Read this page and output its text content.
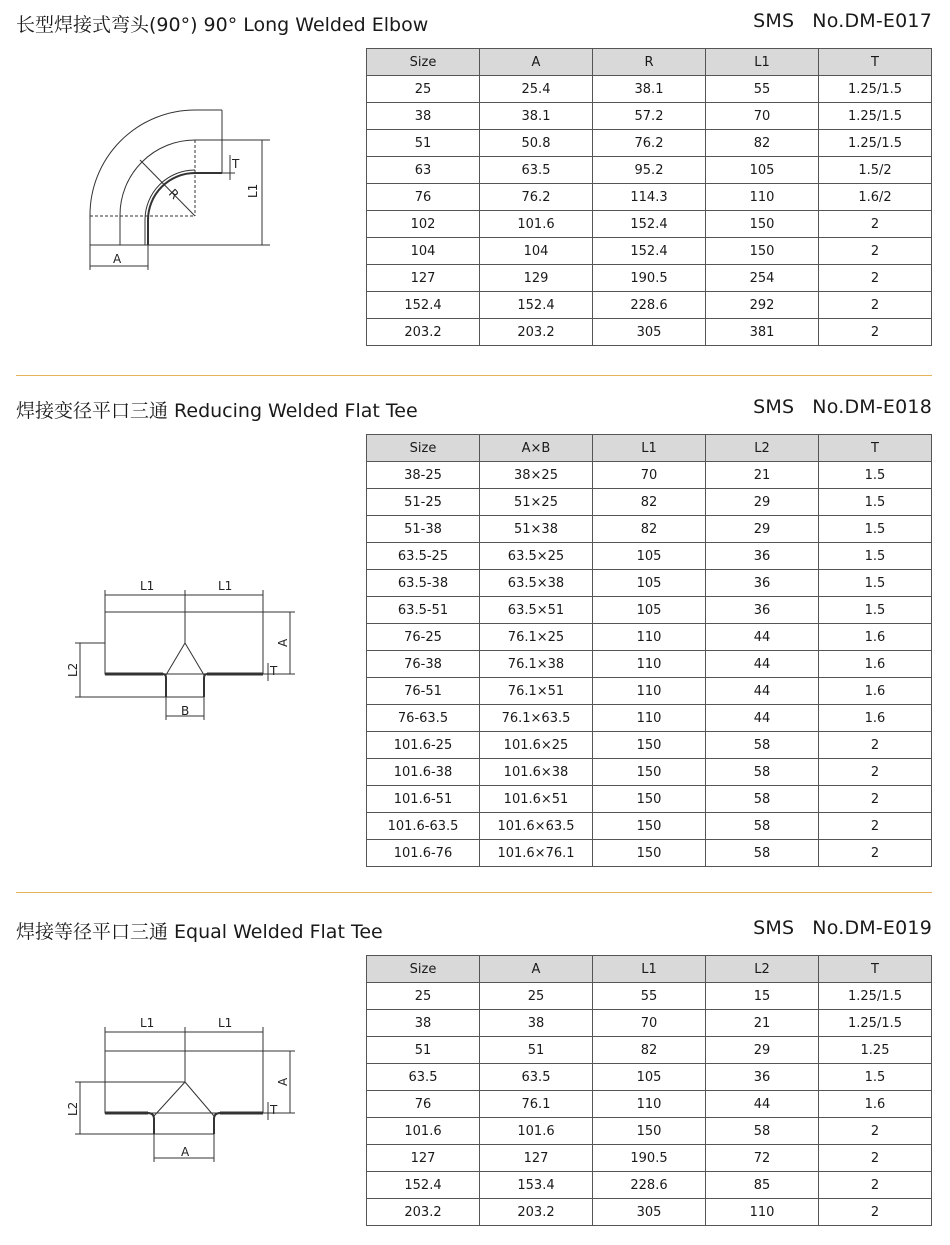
长型焊接式弯头(90°) 90° Long Welded Elbow	SMS No.DM-E017
T
R	L1
A
Size	A	R	L1	T
25	25.4	38.1	55	1.25/1.5
38	38.1	57.2	70	1.25/1.5
51	50.8	76.2	82	1.25/1.5
63	63.5	95.2	105	1.5/2
76	76.2	114.3	110	1.6/2
102	101.6	152.4	150	2
104	104	152.4	150	2
127	129	190.5	254	2
152.4	152.4	228.6	292	2
203.2	203.2	305	381	2
焊接变径平口三通 Reducing Welded Flat Tee	SMS No.DM-E018
L1	L1
A
L2	T
B
Size	A×B	L1	L2	T
38-25	38×25	70	21	1.5
51-25	51×25	82	29	1.5
51-38	51×38	82	29	1.5
63.5-25	63.5×25	105	36	1.5
63.5-38	63.5×38	105	36	1.5
63.5-51	63.5×51	105	36	1.5
76-25	76.1×25	110	44	1.6
76-38	76.1×38	110	44	1.6
76-51	76.1×51	110	44	1.6
76-63.5	76.1×63.5	110	44	1.6
101.6-25	101.6×25	150	58	2
101.6-38	101.6×38	150	58	2
101.6-51	101.6×51	150	58	2
101.6-63.5	101.6×63.5	150	58	2
101.6-76	101.6×76.1	150	58	2
焊接等径平口三通 Equal Welded Flat Tee	SMS No.DM-E019
L1	L1
A
L2	T
A
Size	A	L1	L2	T
25	25	55	15	1.25/1.5
38	38	70	21	1.25/1.5
51	51	82	29	1.25
63.5	63.5	105	36	1.5
76	76.1	110	44	1.6
101.6	101.6	150	58	2
127	127	190.5	72	2
152.4	153.4	228.6	85	2
203.2	203.2	305	110	2
